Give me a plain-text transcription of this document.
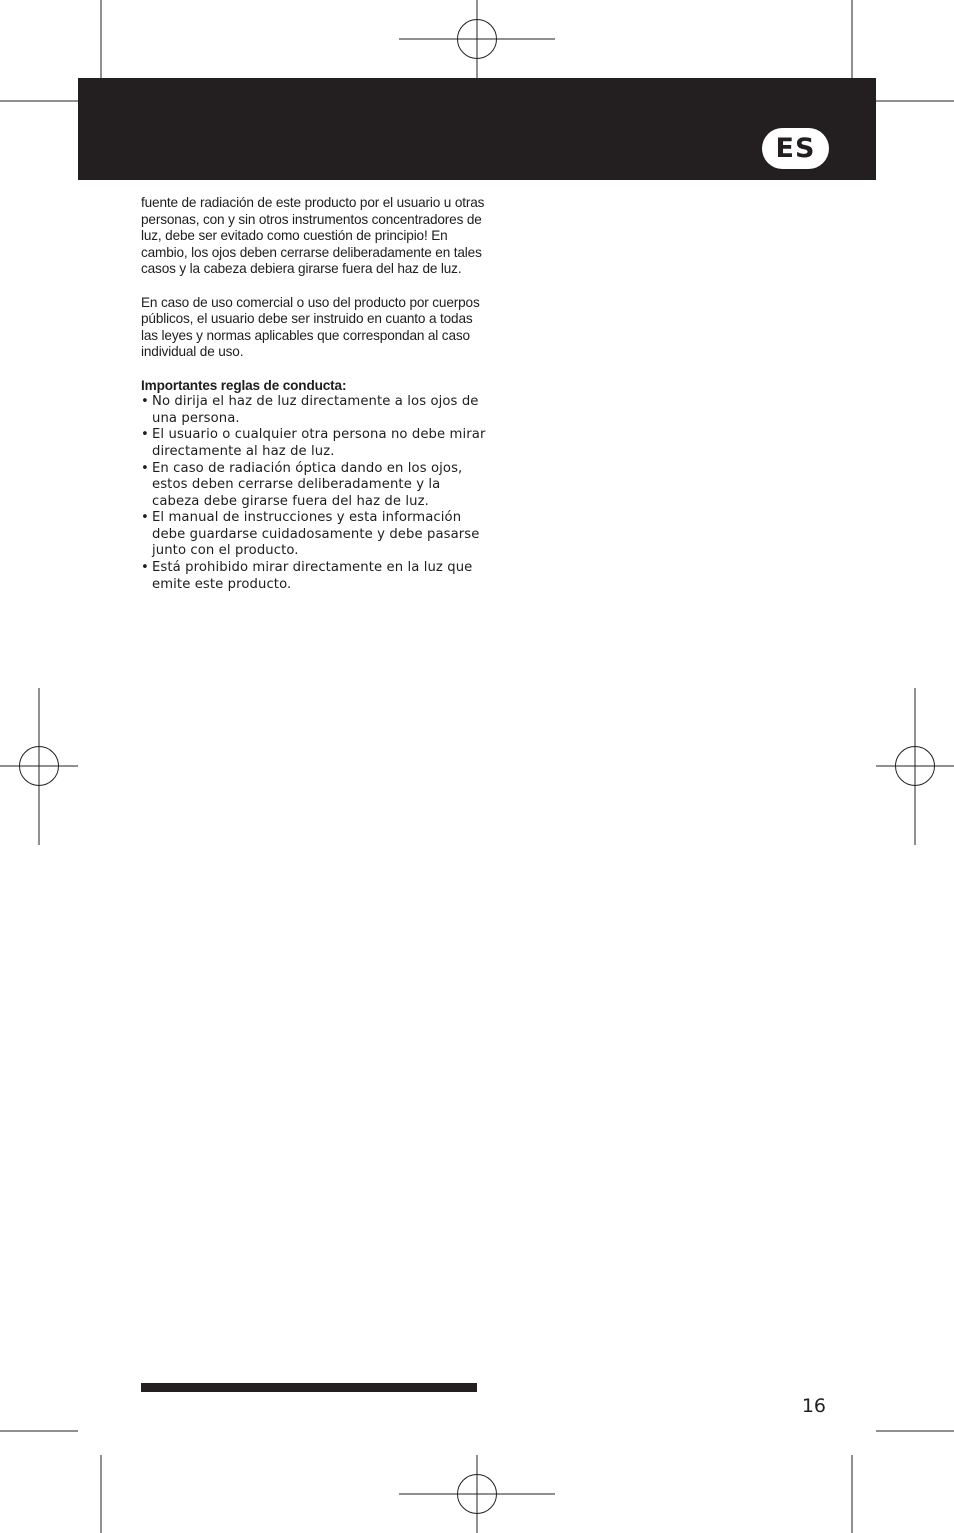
ES

fuente de radiación de este producto por el usuario u otras personas, con y sin otros instrumentos concentradores de luz, debe ser evitado como cuestión de principio! En cambio, los ojos deben cerrarse deliberadamente en tales casos y la cabeza debiera girarse fuera del haz de luz.

En caso de uso comercial o uso del producto por cuerpos públicos, el usuario debe ser instruido en cuanto a todas las leyes y normas aplicables que correspondan al caso individual de uso.

Importantes reglas de conducta:
• No dirija el haz de luz directamente a los ojos de una persona.
• El usuario o cualquier otra persona no debe mirar directamente al haz de luz.
• En caso de radiación óptica dando en los ojos, estos deben cerrarse deliberadamente y la cabeza debe girarse fuera del haz de luz.
• El manual de instrucciones y esta información debe guardarse cuidadosamente y debe pasarse junto con el producto.
• Está prohibido mirar directamente en la luz que emite este producto.
16
